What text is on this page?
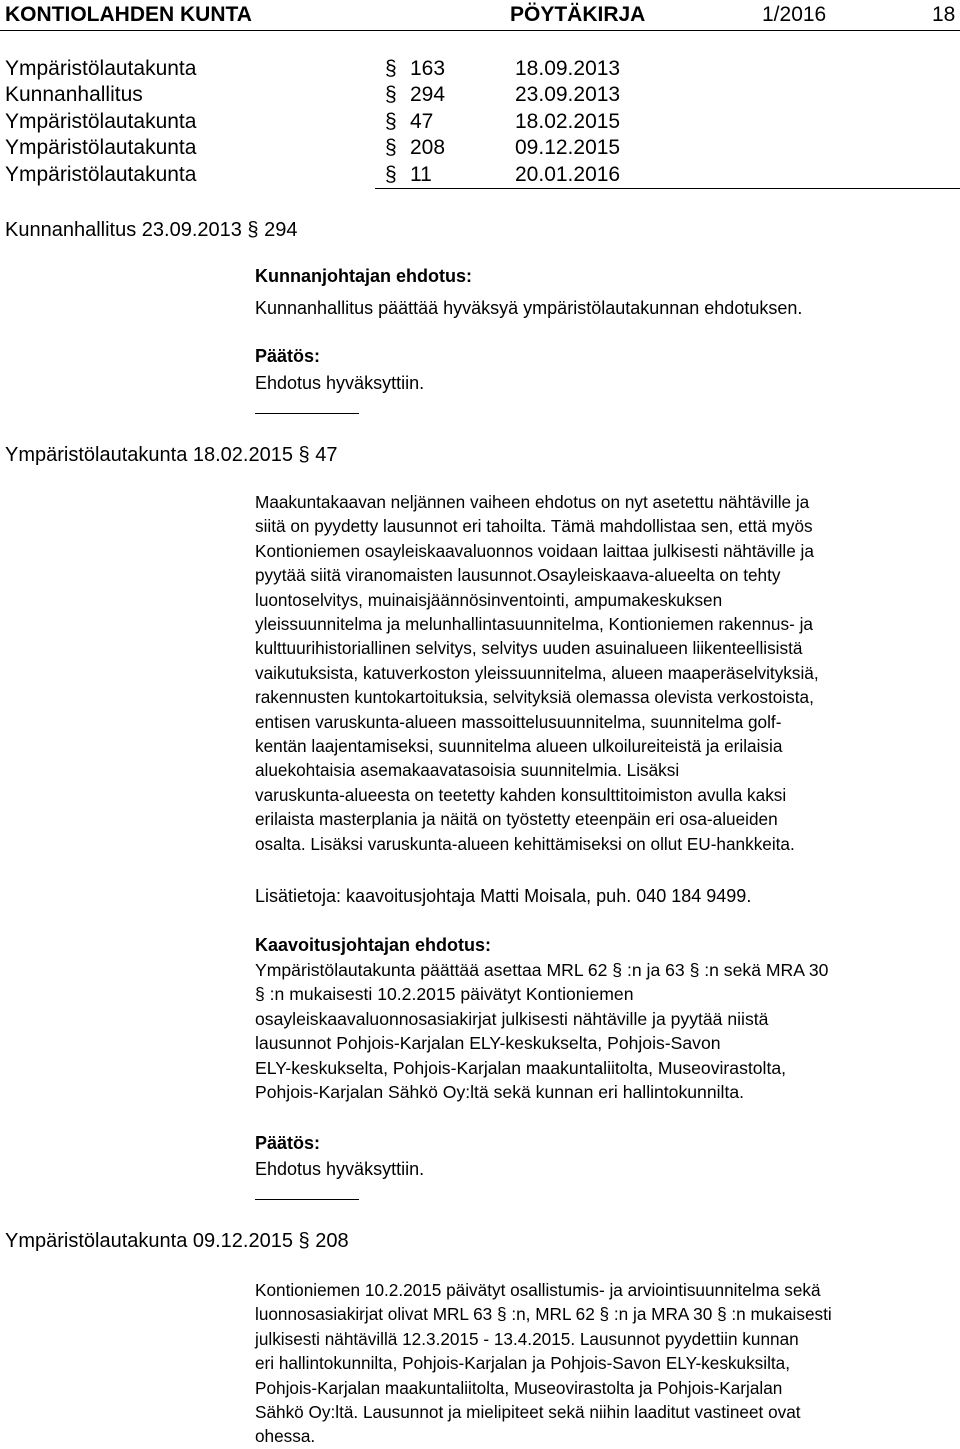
KONTIOLAHDEN KUNTA	PÖYTÄKIRJA	1/2016	18
Ympäristölautakunta	§ 163	18.09.2013
Kunnanhallitus	§ 294	23.09.2013
Ympäristölautakunta	§ 47	18.02.2015
Ympäristölautakunta	§ 208	09.12.2015
Ympäristölautakunta	§ 11	20.01.2016
Kunnanhallitus 23.09.2013 § 294
Kunnanjohtajan ehdotus:
Kunnanhallitus päättää hyväksyä ympäristölautakunnan ehdotuksen.
Päätös:
Ehdotus hyväksyttiin.
Ympäristölautakunta 18.02.2015 § 47
Maakuntakaavan neljännen vaiheen ehdotus on nyt asetettu nähtäville ja
siitä on pyydetty lausunnot eri tahoilta. Tämä mahdollistaa sen, että myös
Kontioniemen osayleiskaavaluonnos voidaan laittaa julkisesti nähtäville ja
pyytää siitä viranomaisten lausunnot.Osayleiskaava-alueelta on tehty
luontoselvitys, muinaisjäännösinventointi, ampumakeskuksen
yleissuunnitelma ja melunhallintasuunnitelma, Kontioniemen rakennus- ja
kulttuurihistoriallinen selvitys, selvitys uuden asuinalueen liikenteellisistä
vaikutuksista, katuverkoston yleissuunnitelma, alueen maaperäselvityksiä,
rakennusten kuntokartoituksia, selvityksiä olemassa olevista verkostoista,
entisen varuskunta-alueen massoittelusuunnitelma, suunnitelma golf-
kentän laajentamiseksi, suunnitelma alueen ulkoilureiteistä ja erilaisia
aluekohtaisia asemakaavatasoisia suunnitelmia. Lisäksi
varuskunta-alueesta on teetetty kahden konsulttitoimiston avulla kaksi
erilaista masterplania ja näitä on työstetty eteenpäin eri osa-alueiden
osalta. Lisäksi varuskunta-alueen kehittämiseksi on ollut EU-hankkeita.
Lisätietoja: kaavoitusjohtaja Matti Moisala, puh. 040 184 9499.
Kaavoitusjohtajan ehdotus:
Ympäristölautakunta päättää asettaa MRL 62 § :n ja 63 § :n sekä MRA 30
§ :n mukaisesti 10.2.2015 päivätyt Kontioniemen
osayleiskaavaluonnosasiakirjat julkisesti nähtäville ja pyytää niistä
lausunnot Pohjois-Karjalan ELY-keskukselta, Pohjois-Savon
ELY-keskukselta, Pohjois-Karjalan maakuntaliitolta, Museovirastolta,
Pohjois-Karjalan Sähkö Oy:ltä sekä kunnan eri hallintokunnilta.
Päätös:
Ehdotus hyväksyttiin.
Ympäristölautakunta 09.12.2015 § 208
Kontioniemen 10.2.2015 päivätyt osallistumis- ja arviointisuunnitelma sekä
luonnosasiakirjat olivat MRL 63 § :n, MRL 62 § :n ja MRA 30 § :n mukaisesti
julkisesti nähtävillä 12.3.2015 - 13.4.2015. Lausunnot pyydettiin kunnan
eri hallintokunnilta, Pohjois-Karjalan ja Pohjois-Savon ELY-keskuksilta,
Pohjois-Karjalan maakuntaliitolta, Museovirastolta ja Pohjois-Karjalan
Sähkö Oy:ltä. Lausunnot ja mielipiteet sekä niihin laaditut vastineet ovat
ohessa.
